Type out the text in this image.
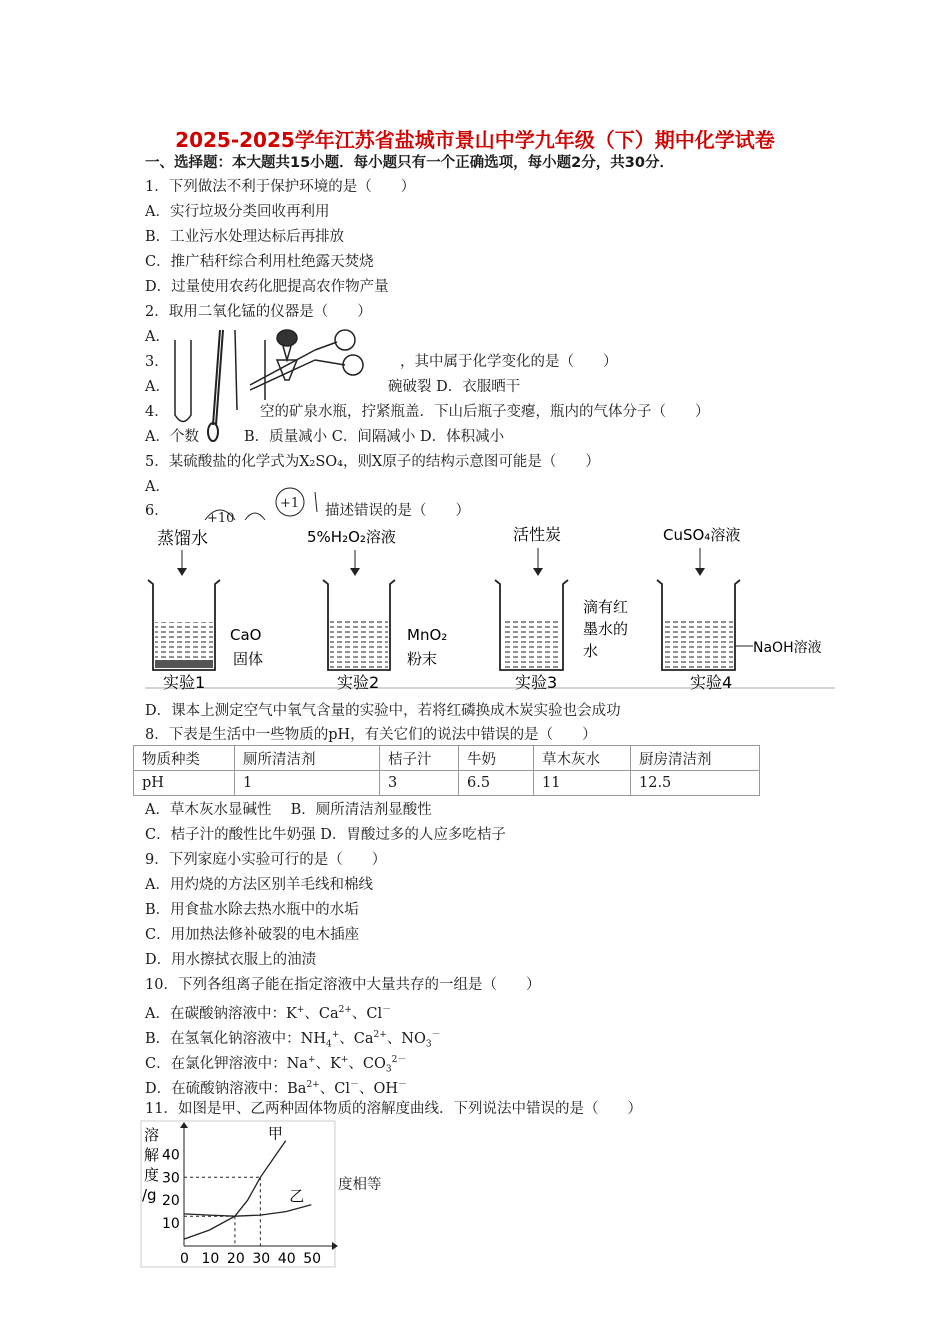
2025-2025学年江苏省盐城市景山中学九年级（下）期中化学试卷
一、选择题：本大题共15小题．每小题只有一个正确选项，每小题2分，共30分．
1．下列做法不利于保护环境的是（　　）
A．实行垃圾分类回收再利用
B．工业污水处理达标后再排放
C．推广秸秆综合利用杜绝露天焚烧
D．过量使用农药化肥提高农作物产量
2．取用二氧化锰的仪器是（　　）
A．
3．	，其中属于化学变化的是（　　）
A．	碗破裂 D．衣服晒干
4．	空的矿泉水瓶，拧紧瓶盖．下山后瓶子变瘪，瓶内的气体分子（　　）
A．个数	B．质量减小 C．间隔减小 D．体积减小
5．某硫酸盐的化学式为X₂SO₄，则X原子的结构示意图可能是（　　）
A．
6．	描述错误的是（　　）
+10
+1
蒸馏水
CaO
固体
实验1
5%H₂O₂溶液
MnO₂
粉末
实验2
活性炭
滴有红
墨水的
水
实验3
CuSO₄溶液
NaOH溶液
实验4
D．课本上测定空气中氧气含量的实验中，若将红磷换成木炭实验也会成功
8．下表是生活中一些物质的pH，有关它们的说法中错误的是（　　）
物质种类	厕所清洁剂	桔子汁	牛奶	草木灰水	厨房清洁剂
pH	1	3	6.5	11	12.5
A．草木灰水显碱性　 B．厕所清洁剂显酸性
C．桔子汁的酸性比牛奶强 D．胃酸过多的人应多吃桔子
9．下列家庭小实验可行的是（　　）
A．用灼烧的方法区别羊毛线和棉线
B．用食盐水除去热水瓶中的水垢
C．用加热法修补破裂的电木插座
D．用水擦拭衣服上的油渍
10．下列各组离子能在指定溶液中大量共存的一组是（　　）
A．在碳酸钠溶液中：K+、$Ca^{2+}$、Cl－
B．在氢氧化钠溶液中：$NH_4^+$、$Ca^{2+}$、$NO_3^-$
C．在氯化钾溶液中：Na+、K+、$CO_3^{2-}$
D．在硫酸钠溶液中：$Ba^{2+}$、Cl－、OH－
11．如图是甲、乙两种固体物质的溶解度曲线．下列说法中错误的是（　　）
度相等
溶
解
度
/g
0 10 20 30 40 50
10
20
30
40
甲
乙
